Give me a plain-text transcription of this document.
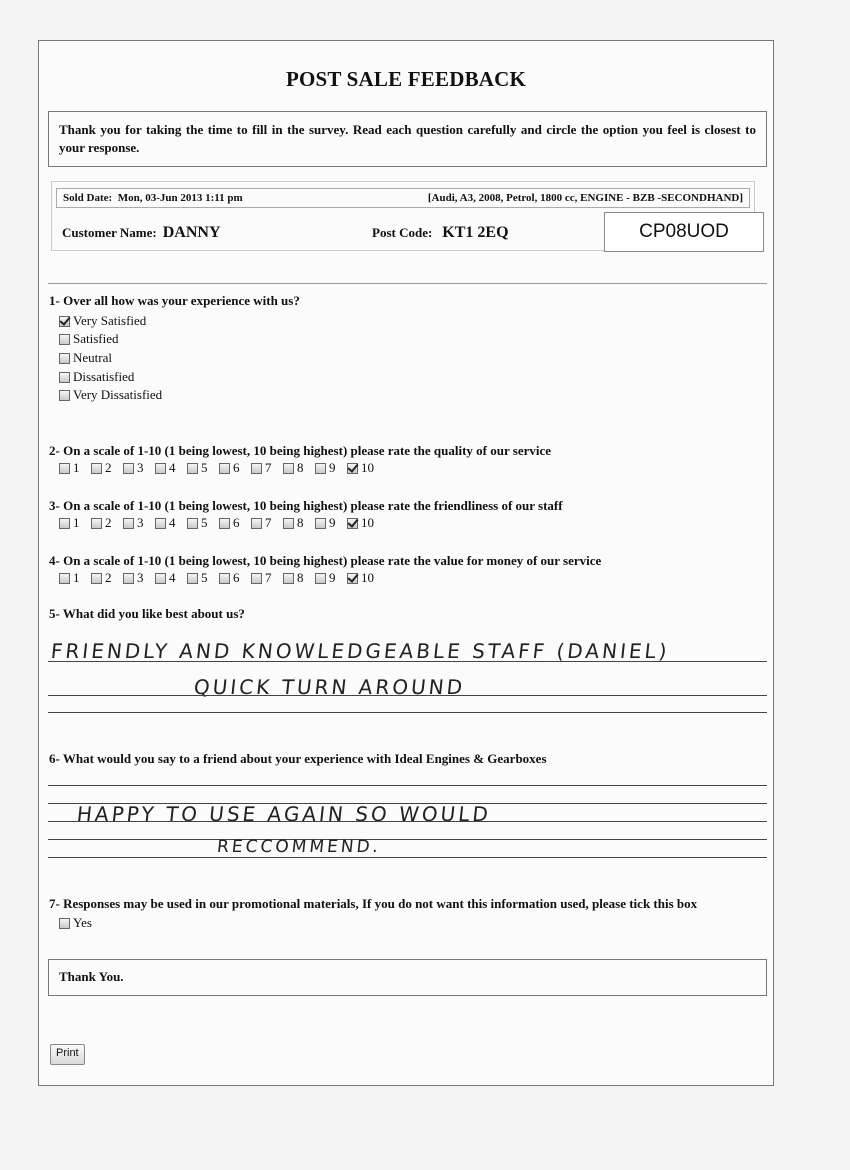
POST SALE FEEDBACK
Thank you for taking the time to fill in the survey. Read each question carefully and circle the option you feel is closest to your response.
Sold Date: Mon, 03-Jun 2013 1:11 pm	[Audi, A3, 2008, Petrol, 1800 cc, ENGINE - BZB -SECONDHAND]
Customer Name: DANNY	Post Code: KT1 2EQ	CP08UOD
1- Over all how was your experience with us?
Very Satisfied
Satisfied
Neutral
Dissatisfied
Very Dissatisfied
2- On a scale of 1-10 (1 being lowest, 10 being highest) please rate the quality of our service
1 2 3 4 5 6 7 8 9 10
3- On a scale of 1-10 (1 being lowest, 10 being highest) please rate the friendliness of our staff
1 2 3 4 5 6 7 8 9 10
4- On a scale of 1-10 (1 being lowest, 10 being highest) please rate the value for money of our service
1 2 3 4 5 6 7 8 9 10
5- What did you like best about us?
FRIENDLY AND KNOWLEDGEABLE STAFF (DANIEL)
QUICK TURN AROUND
6- What would you say to a friend about your experience with Ideal Engines & Gearboxes
HAPPY TO USE AGAIN SO WOULD
RECCOMMEND.
7- Responses may be used in our promotional materials, If you do not want this information used, please tick this box
Yes
Thank You.
Print
